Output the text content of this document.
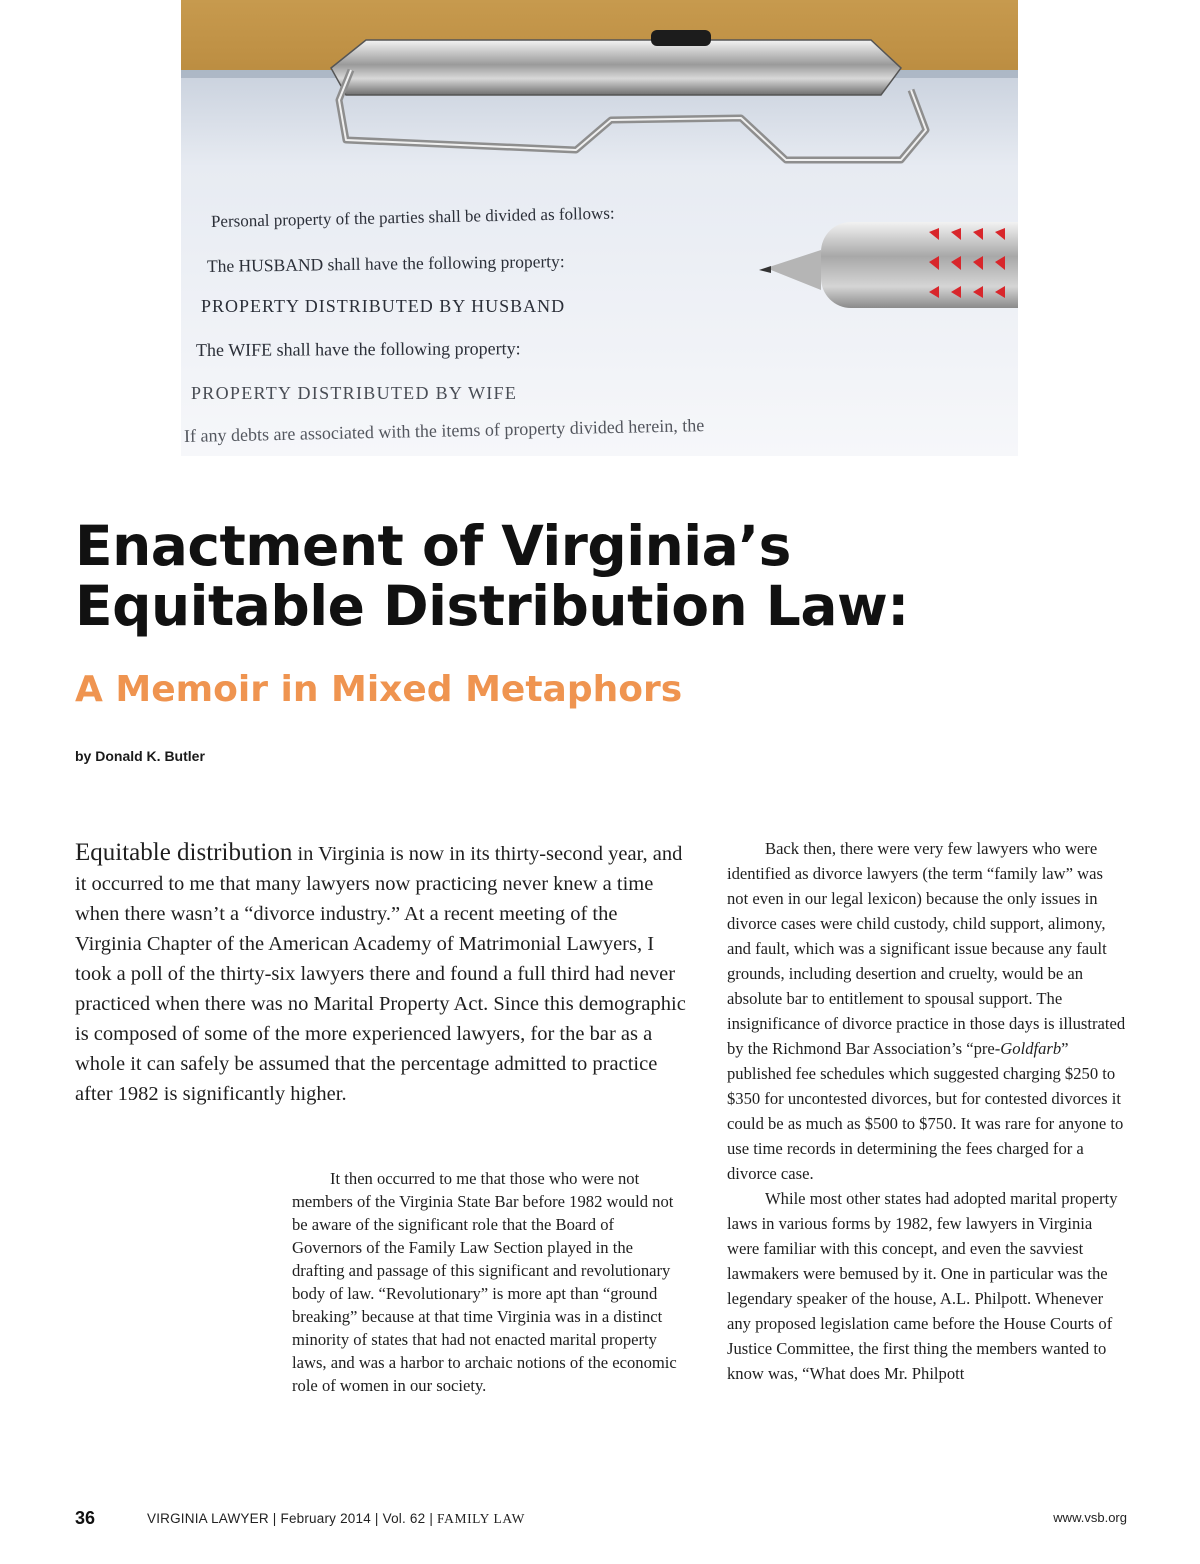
Personal property of the parties shall be divided as follows:
The HUSBAND shall have the following property:
PROPERTY DISTRIBUTED BY HUSBAND
The WIFE shall have the following property:
PROPERTY DISTRIBUTED BY WIFE
If any debts are associated with the items of property divided herein, the
Enactment of Virginia’s
Equitable Distribution Law:
A Memoir in Mixed Metaphors
by Donald K. Butler

Equitable distribution in Virginia is now in its thirty-second year, and it occurred to me that many lawyers now practicing never knew a time when there wasn’t a “divorce industry.” At a recent meeting of the Virginia Chapter of the American Academy of Matrimonial Lawyers, I took a poll of the thirty-six lawyers there and found a full third had never practiced when there was no Marital Property Act. Since this demographic is composed of some of the more experienced lawyers, for the bar as a whole it can safely be assumed that the percentage admitted to practice after 1982 is significantly higher.

It then occurred to me that those who were not members of the Virginia State Bar before 1982 would not be aware of the significant role that the Board of Governors of the Family Law Section played in the drafting and passage of this significant and revolutionary body of law. “Revolutionary” is more apt than “ground breaking” because at that time Virginia was in a distinct minority of states that had not enacted marital property laws, and was a harbor to archaic notions of the economic role of women in our society.

Back then, there were very few lawyers who were identified as divorce lawyers (the term “family law” was not even in our legal lexicon) because the only issues in divorce cases were child custody, child support, alimony, and fault, which was a significant issue because any fault grounds, including desertion and cruelty, would be an absolute bar to entitlement to spousal support. The insignificance of divorce practice in those days is illustrated by the Richmond Bar Association’s “pre-Goldfarb” published fee schedules which suggested charging $250 to $350 for uncontested divorces, but for contested divorces it could be as much as $500 to $750. It was rare for anyone to use time records in determining the fees charged for a divorce case.

While most other states had adopted marital property laws in various forms by 1982, few lawyers in Virginia were familiar with this concept, and even the savviest lawmakers were bemused by it. One in particular was the legendary speaker of the house, A.L. Philpott. Whenever any proposed legislation came before the House Courts of Justice Committee, the first thing the members wanted to know was, “What does Mr. Philpott

36	VIRGINIA LAWYER | February 2014 | Vol. 62 | FAMILY LAW	www.vsb.org
